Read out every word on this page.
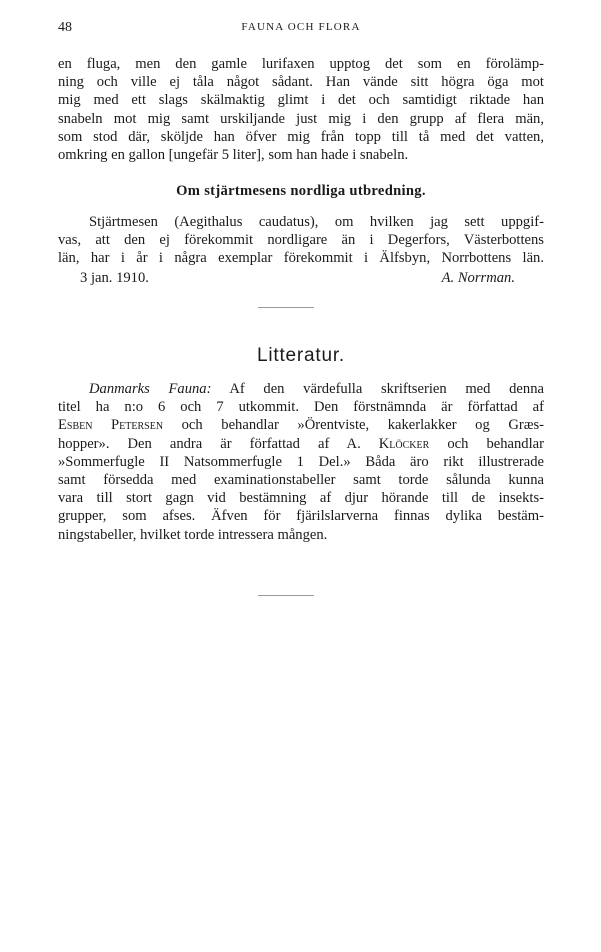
48	FAUNA OCH FLORA
en fluga, men den gamle lurifaxen upptog det som en förolämp-
ning och ville ej tåla något sådant. Han vände sitt högra öga mot
mig med ett slags skälmaktig glimt i det och samtidigt riktade han
snabeln mot mig samt urskiljande just mig i den grupp af flera män,
som stod där, sköljde han öfver mig från topp till tå med det vatten,
omkring en gallon [ungefär 5 liter], som han hade i snabeln.
Om stjärtmesens nordliga utbredning.
Stjärtmesen (Aegithalus caudatus), om hvilken jag sett uppgif-
vas, att den ej förekommit nordligare än i Degerfors, Västerbottens
län, har i år i några exemplar förekommit i Älfsbyn, Norrbottens län.
3 jan. 1910.	A. Norrman.
Litteratur.
Danmarks Fauna: Af den värdefulla skriftserien med denna
titel ha n:o 6 och 7 utkommit. Den förstnämnda är författad af
Esben Petersen och behandlar »Örentviste, kakerlakker og Græs-
hopper». Den andra är författad af A. Klöcker och behandlar
»Sommerfugle II Natsommerfugle 1 Del.» Båda äro rikt illustrerade
samt försedda med examinationstabeller samt torde sålunda kunna
vara till stort gagn vid bestämning af djur hörande till de insekts-
grupper, som afses. Äfven för fjärilslarverna finnas dylika bestäm-
ningstabeller, hvilket torde intressera mången.
